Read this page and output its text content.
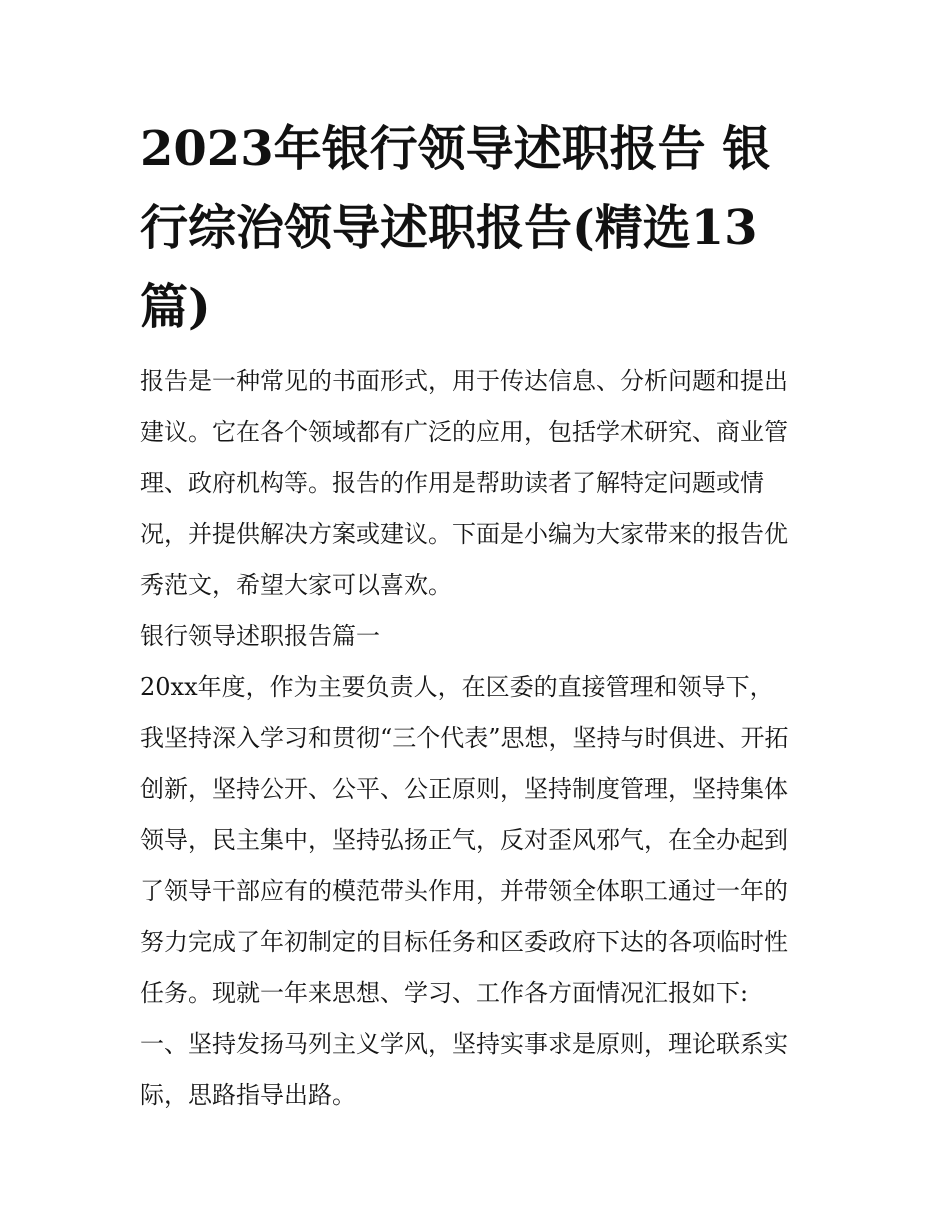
2023年银行领导述职报告 银
行综治领导述职报告(精选13
篇)
报告是一种常见的书面形式，用于传达信息、分析问题和提出
建议。它在各个领域都有广泛的应用，包括学术研究、商业管
理、政府机构等。报告的作用是帮助读者了解特定问题或情
况，并提供解决方案或建议。下面是小编为大家带来的报告优
秀范文，希望大家可以喜欢。
银行领导述职报告篇一
20xx年度，作为主要负责人，在区委的直接管理和领导下，
我坚持深入学习和贯彻“三个代表”思想，坚持与时俱进、开拓
创新，坚持公开、公平、公正原则，坚持制度管理，坚持集体
领导，民主集中，坚持弘扬正气，反对歪风邪气，在全办起到
了领导干部应有的模范带头作用，并带领全体职工通过一年的
努力完成了年初制定的目标任务和区委政府下达的各项临时性
任务。现就一年来思想、学习、工作各方面情况汇报如下:
一、坚持发扬马列主义学风，坚持实事求是原则，理论联系实
际，思路指导出路。
